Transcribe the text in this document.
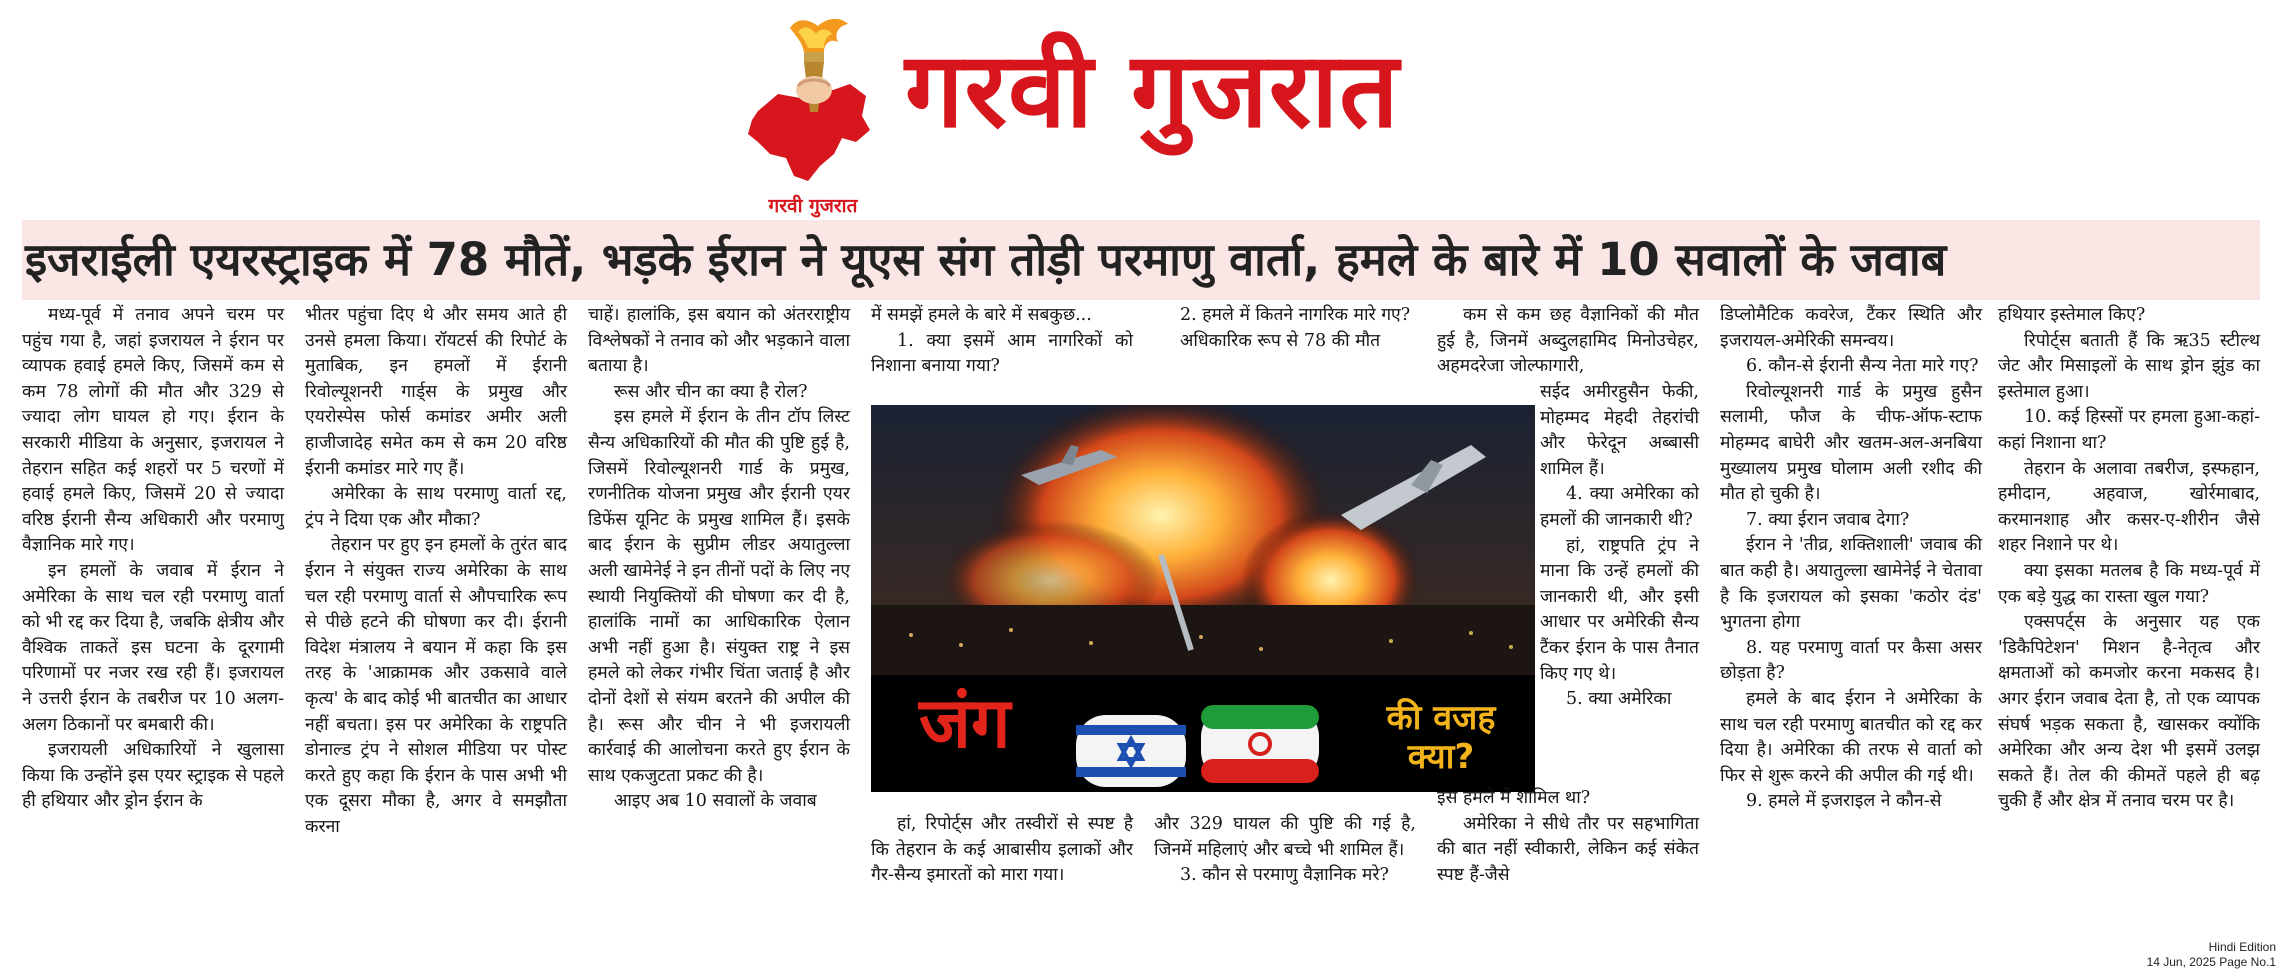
गरवी गुजरात
गरवी गुजरात
इजराईली एयरस्ट्राइक में 78 मौतें, भड़के ईरान ने यूएस संग तोड़ी परमाणु वार्ता, हमले के बारे में 10 सवालों के जवाब

मध्य-पूर्व में तनाव अपने चरम पर पहुंच गया है, जहां इजरायल ने ईरान पर व्यापक हवाई हमले किए, जिसमें कम से कम 78 लोगों की मौत और 329 से ज्यादा लोग घायल हो गए। ईरान के सरकारी मीडिया के अनुसार, इजरायल ने तेहरान सहित कई शहरों पर 5 चरणों में हवाई हमले किए, जिसमें 20 से ज्यादा वरिष्ठ ईरानी सैन्य अधिकारी और परमाणु वैज्ञानिक मारे गए।

इन हमलों के जवाब में ईरान ने अमेरिका के साथ चल रही परमाणु वार्ता को भी रद्द कर दिया है, जबकि क्षेत्रीय और वैश्विक ताकतें इस घटना के दूरगामी परिणामों पर नजर रख रही हैं। इजरायल ने उत्तरी ईरान के तबरीज पर 10 अलग-अलग ठिकानों पर बमबारी की।

इजरायली अधिकारियों ने खुलासा किया कि उन्होंने इस एयर स्ट्राइक से पहले ही हथियार और ड्रोन ईरान के

भीतर पहुंचा दिए थे और समय आते ही उनसे हमला किया। रॉयटर्स की रिपोर्ट के मुताबिक, इन हमलों में ईरानी रिवोल्यूशनरी गार्ड्स के प्रमुख और एयरोस्पेस फोर्स कमांडर अमीर अली हाजीजादेह समेत कम से कम 20 वरिष्ठ ईरानी कमांडर मारे गए हैं।

अमेरिका के साथ परमाणु वार्ता रद्द, ट्रंप ने दिया एक और मौका?

तेहरान पर हुए इन हमलों के तुरंत बाद ईरान ने संयुक्त राज्य अमेरिका के साथ चल रही परमाणु वार्ता से औपचारिक रूप से पीछे हटने की घोषणा कर दी। ईरानी विदेश मंत्रालय ने बयान में कहा कि इस तरह के 'आक्रामक और उकसावे वाले कृत्य' के बाद कोई भी बातचीत का आधार नहीं बचता। इस पर अमेरिका के राष्ट्रपति डोनाल्ड ट्रंप ने सोशल मीडिया पर पोस्ट करते हुए कहा कि ईरान के पास अभी भी एक दूसरा मौका है, अगर वे समझौता करना

चाहें। हालांकि, इस बयान को अंतरराष्ट्रीय विश्लेषकों ने तनाव को और भड़काने वाला बताया है।

रूस और चीन का क्या है रोल?

इस हमले में ईरान के तीन टॉप लिस्ट सैन्य अधिकारियों की मौत की पुष्टि हुई है, जिसमें रिवोल्यूशनरी गार्ड के प्रमुख, रणनीतिक योजना प्रमुख और ईरानी एयर डिफेंस यूनिट के प्रमुख शामिल हैं। इसके बाद ईरान के सुप्रीम लीडर अयातुल्ला अली खामेनेई ने इन तीनों पदों के लिए नए स्थायी नियुक्तियों की घोषणा कर दी है, हालांकि नामों का आधिकारिक ऐलान अभी नहीं हुआ है। संयुक्त राष्ट्र ने इस हमले को लेकर गंभीर चिंता जताई है और दोनों देशों से संयम बरतने की अपील की है। रूस और चीन ने भी इजरायली कार्रवाई की आलोचना करते हुए ईरान के साथ एकजुटता प्रकट की है।

आइए अब 10 सवालों के जवाब

में समझें हमले के बारे में सबकुछ...

1. क्या इसमें आम नागरिकों को निशाना बनाया गया?

2. हमले में कितने नागरिक मारे गए?

अधिकारिक रूप से 78 की मौत

कम से कम छह वैज्ञानिकों की मौत हुई है, जिनमें अब्दुलहामिद मिनोउचेहर, अहमदरेजा जोल्फागारी,

सईद अमीरहुसैन फेकी, मोहम्मद मेहदी तेहरांची और फेरेदून अब्बासी शामिल हैं।

4. क्या अमेरिका को हमलों की जानकारी थी?

हां, राष्ट्रपति ट्रंप ने माना कि उन्हें हमलों की जानकारी थी, और इसी आधार पर अमेरिकी सैन्य टैंकर ईरान के पास तैनात किए गए थे।

5. क्या अमेरिका

जंग	की वजह क्या?

हां, रिपोर्ट्स और तस्वीरों से स्पष्ट है कि तेहरान के कई आबासीय इलाकों और गैर-सैन्य इमारतों को मारा गया।

और 329 घायल की पुष्टि की गई है, जिनमें महिलाएं और बच्चे भी शामिल हैं।

3. कौन से परमाणु वैज्ञानिक मरे?

इस हमले में शामिल था?

अमेरिका ने सीधे तौर पर सहभागिता की बात नहीं स्वीकारी, लेकिन कई संकेत स्पष्ट हैं-जैसे

डिप्लोमैटिक कवरेज, टैंकर स्थिति और इजरायल-अमेरिकी समन्वय।

6. कौन-से ईरानी सैन्य नेता मारे गए?

रिवोल्यूशनरी गार्ड के प्रमुख हुसैन सलामी, फौज के चीफ-ऑफ-स्टाफ मोहम्मद बाघेरी और खतम-अल-अनबिया मुख्यालय प्रमुख घोलाम अली रशीद की मौत हो चुकी है।

7. क्या ईरान जवाब देगा?

ईरान ने 'तीव्र, शक्तिशाली' जवाब की बात कही है। अयातुल्ला खामेनेई ने चेतावा है कि इजरायल को इसका 'कठोर दंड' भुगतना होगा

8. यह परमाणु वार्ता पर कैसा असर छोड़ता है?

हमले के बाद ईरान ने अमेरिका के साथ चल रही परमाणु बातचीत को रद्द कर दिया है। अमेरिका की तरफ से वार्ता को फिर से शुरू करने की अपील की गई थी।

9. हमले में इजराइल ने कौन-से

हथियार इस्तेमाल किए?

रिपोर्ट्स बताती हैं कि ऋ35 स्टील्थ जेट और मिसाइलों के साथ ड्रोन झुंड का इस्तेमाल हुआ।

10. कई हिस्सों पर हमला हुआ-कहां-कहां निशाना था?

तेहरान के अलावा तबरीज, इस्फहान, हमीदान, अहवाज, खोर्रमाबाद, करमानशाह और कसर-ए-शीरीन जैसे शहर निशाने पर थे।

क्या इसका मतलब है कि मध्य-पूर्व में एक बड़े युद्ध का रास्ता खुल गया?

एक्सपर्ट्स के अनुसार यह एक 'डिकैपिटेशन' मिशन है-नेतृत्व और क्षमताओं को कमजोर करना मकसद है। अगर ईरान जवाब देता है, तो एक व्यापक संघर्ष भड़क सकता है, खासकर क्योंकि अमेरिका और अन्य देश भी इसमें उलझ सकते हैं। तेल की कीमतें पहले ही बढ़ चुकी हैं और क्षेत्र में तनाव चरम पर है।

Hindi Edition
14 Jun, 2025 Page No.1
